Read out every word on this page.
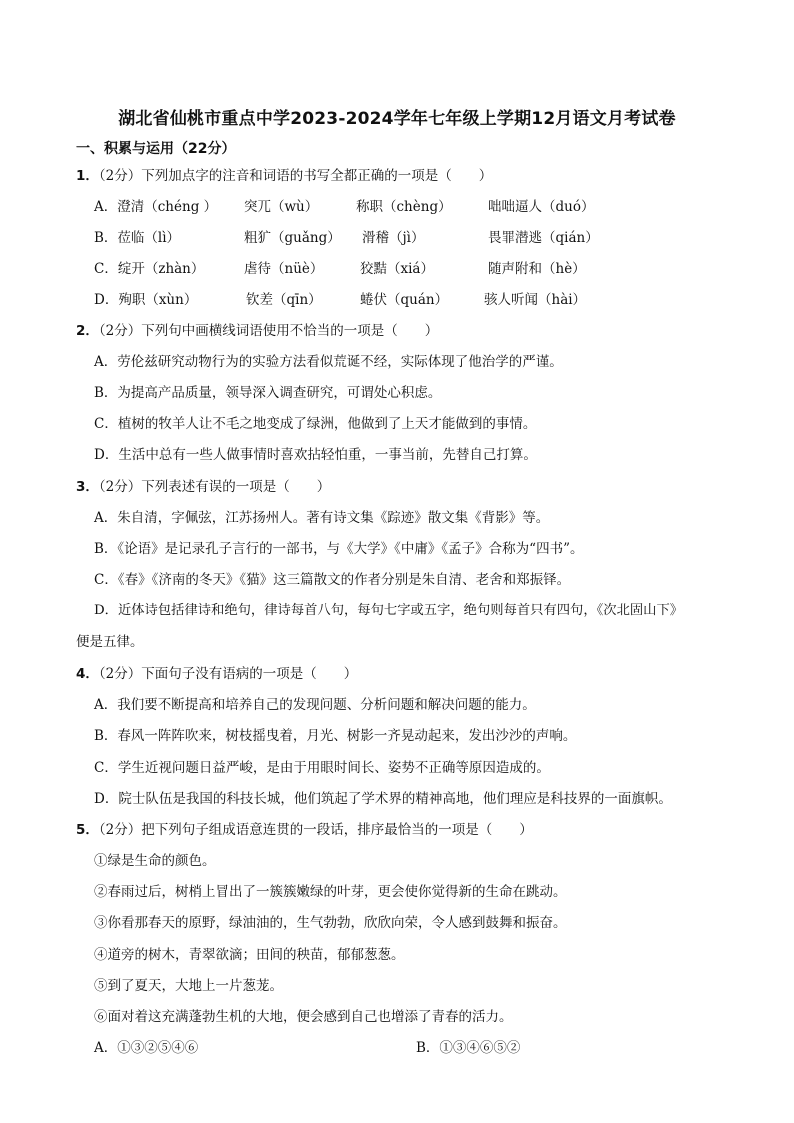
湖北省仙桃市重点中学2023-2024学年七年级上学期12月语文月考试卷
一、积累与运用（22分）
1．（2分）下列加点字的注音和词语的书写全都正确的一项是（　　）
A．澄清（chéng ） 突兀（wù）	称职（chèng）	咄咄逼人（duó）
B．莅临（lì）	粗犷（guǎng） 滑稽（jì）	畏罪潜逃（qián）
C．绽开（zhàn）	虐待（nüè）	狡黠（xiá）	随声附和（hè）
D．殉职（xùn）	钦差（qīn）	蜷伏（quán）	骇人听闻（hài）
2．（2分）下列句中画横线词语使用不恰当的一项是（　　）
A．劳伦兹研究动物行为的实验方法看似荒诞不经，实际体现了他治学的严谨。
B．为提高产品质量，领导深入调查研究，可谓处心积虑。
C．植树的牧羊人让不毛之地变成了绿洲，他做到了上天才能做到的事情。
D．生活中总有一些人做事情时喜欢拈轻怕重，一事当前，先替自己打算。
3．（2分）下列表述有误的一项是（　　）
A．朱自清，字佩弦，江苏扬州人。著有诗文集《踪迹》散文集《背影》等。
B．《论语》是记录孔子言行的一部书，与《大学》《中庸》《孟子》合称为“四书”。
C．《春》《济南的冬天》《猫》这三篇散文的作者分别是朱自清、老舍和郑振铎。
D．近体诗包括律诗和绝句，律诗每首八句，每句七字或五字，绝句则每首只有四句，《次北固山下》
便是五律。
4．（2分）下面句子没有语病的一项是（　　）
A．我们要不断提高和培养自己的发现问题、分析问题和解决问题的能力。
B．春风一阵阵吹来，树枝摇曳着，月光、树影一齐晃动起来，发出沙沙的声响。
C．学生近视问题日益严峻，是由于用眼时间长、姿势不正确等原因造成的。
D．院士队伍是我国的科技长城，他们筑起了学术界的精神高地，他们理应是科技界的一面旗帜。
5．（2分）把下列句子组成语意连贯的一段话，排序最恰当的一项是（　　）
①绿是生命的颜色。
②春雨过后，树梢上冒出了一簇簇嫩绿的叶芽，更会使你觉得新的生命在跳动。
③你看那春天的原野，绿油油的，生气勃勃，欣欣向荣，令人感到鼓舞和振奋。
④道旁的树木，青翠欲滴；田间的秧苗，郁郁葱葱。
⑤到了夏天，大地上一片葱茏。
⑥面对着这充满蓬勃生机的大地，便会感到自己也增添了青春的活力。
A．①③②⑤④⑥	B．①③④⑥⑤②
